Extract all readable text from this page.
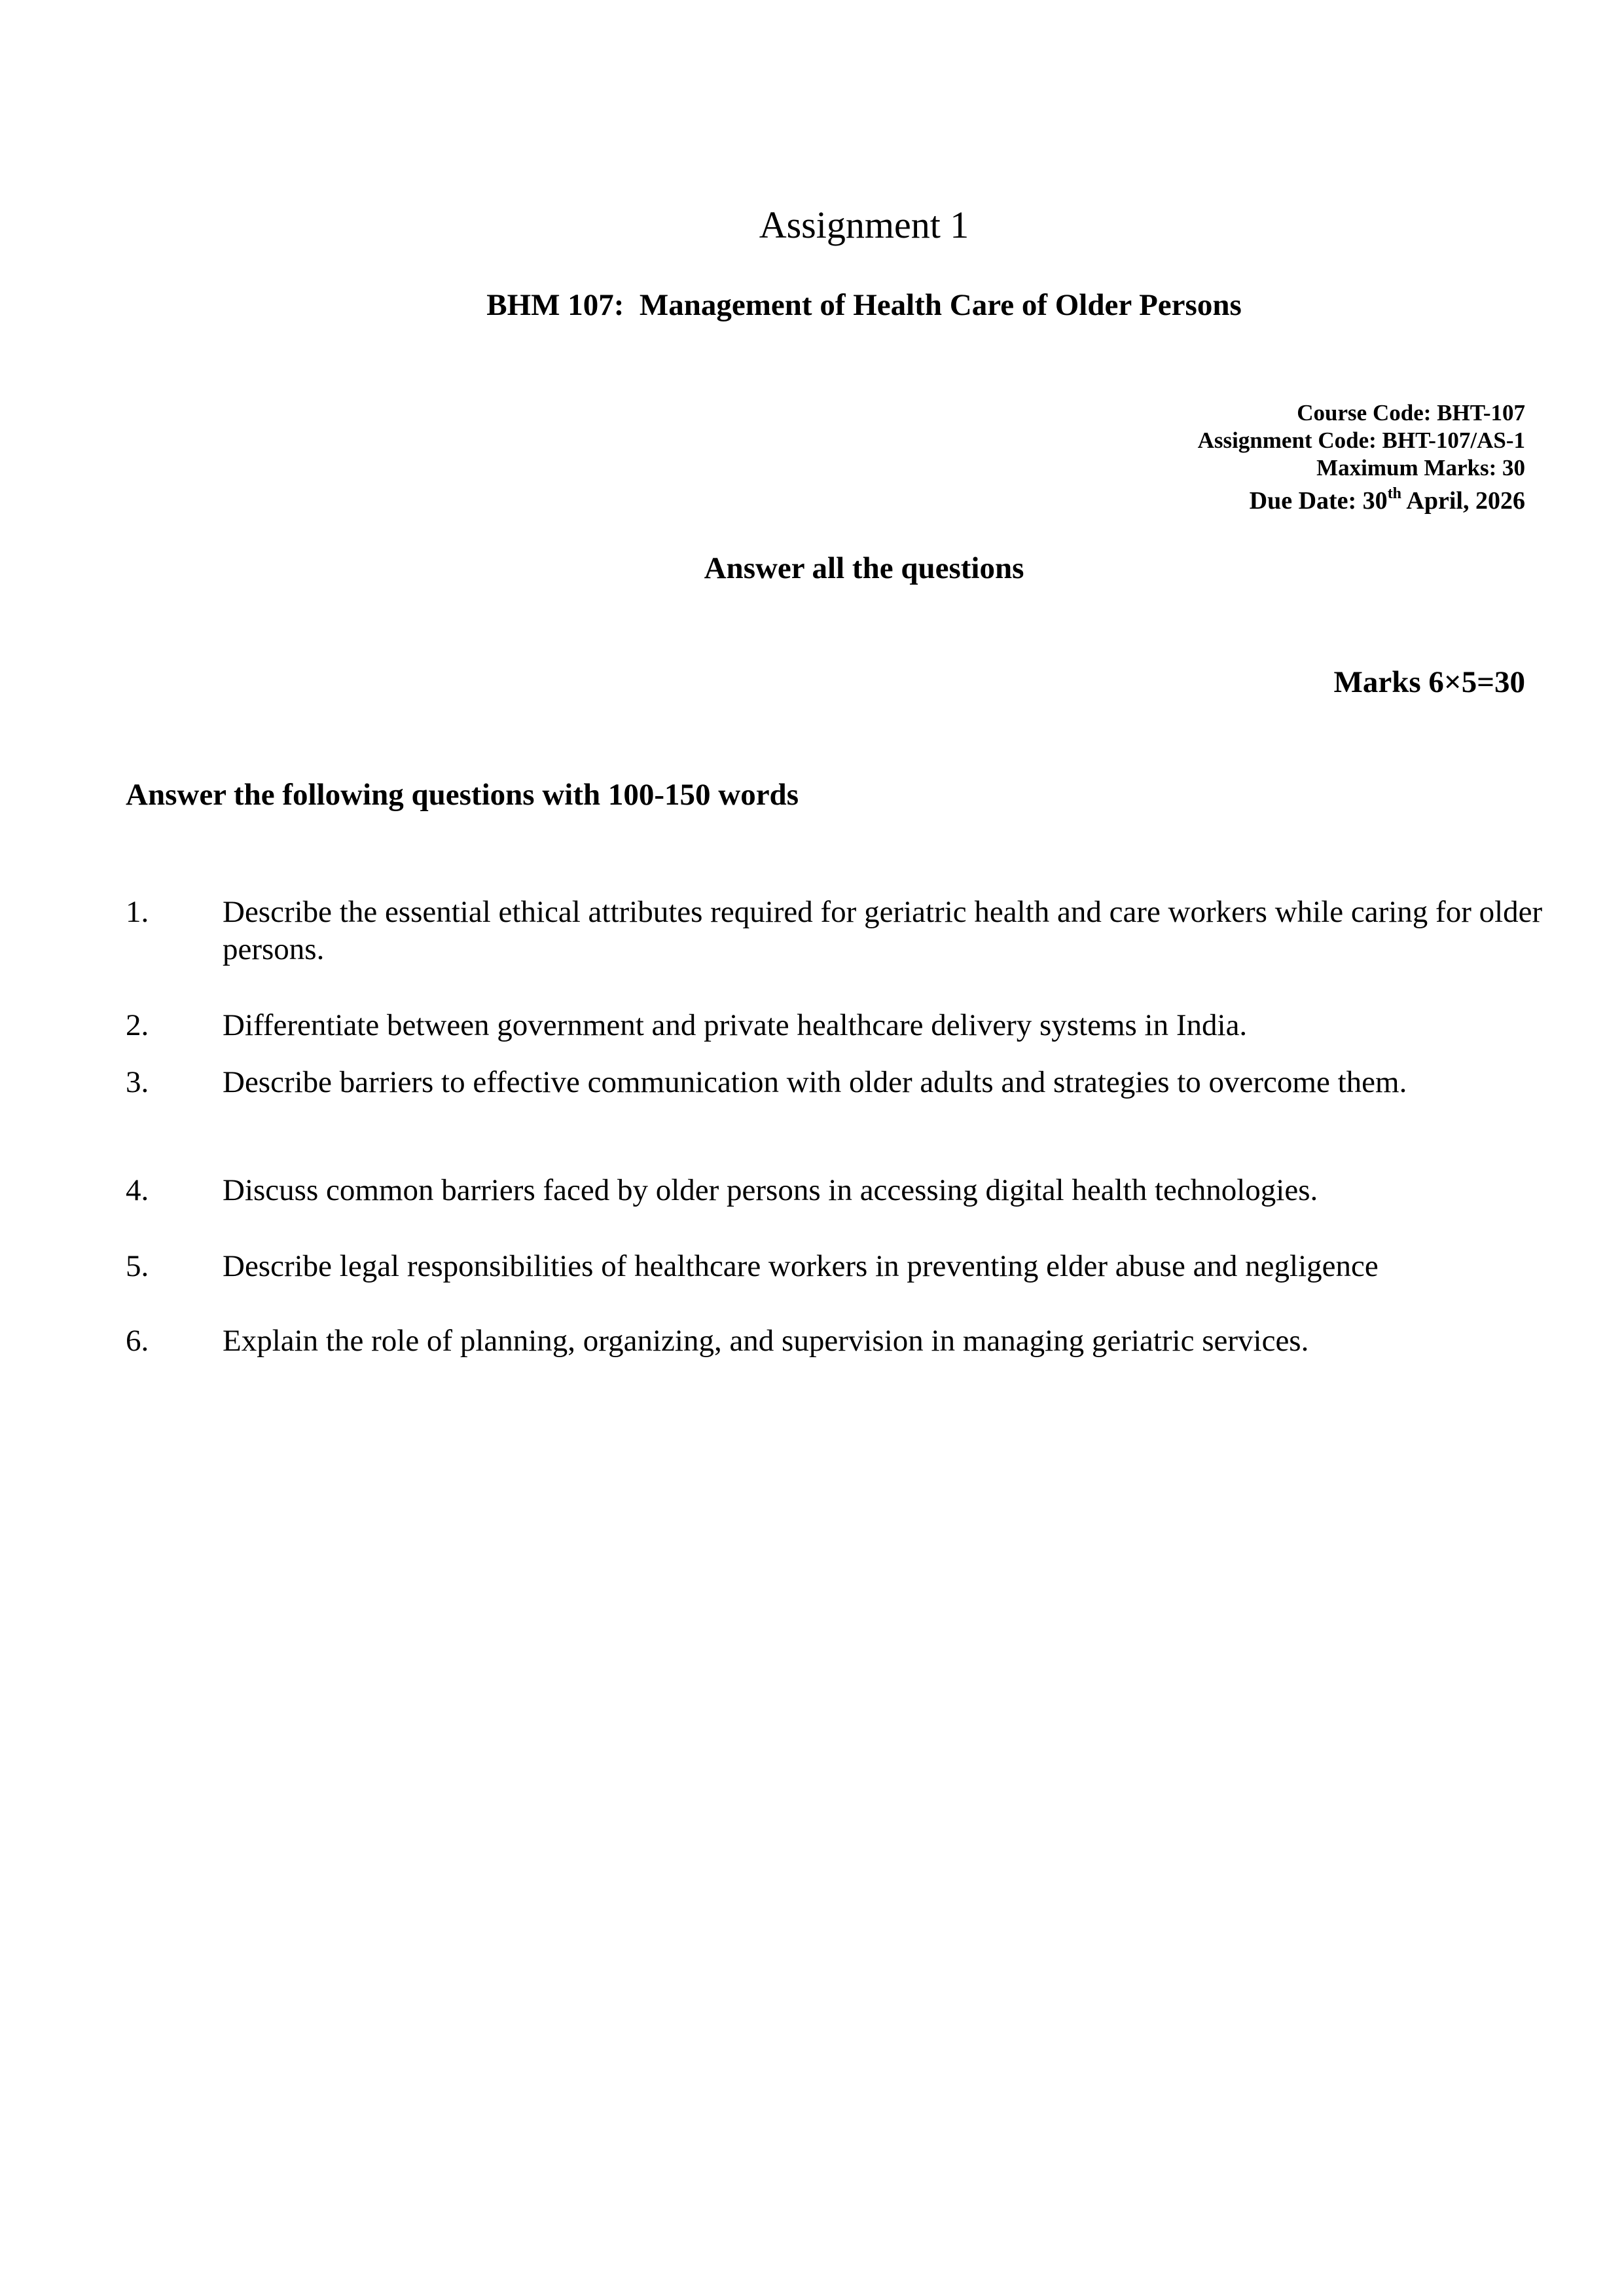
Assignment 1
BHM 107:  Management of Health Care of Older Persons
Course Code: BHT-107
Assignment Code: BHT-107/AS-1
Maximum Marks: 30
Due Date: 30th April, 2026
Answer all the questions
Marks 6×5=30
Answer the following questions with 100-150 words
1. Describe the essential ethical attributes required for geriatric health and care workers while caring for older persons.
2. Differentiate between government and private healthcare delivery systems in India.
3. Describe barriers to effective communication with older adults and strategies to overcome them.
4. Discuss common barriers faced by older persons in accessing digital health technologies.
5. Describe legal responsibilities of healthcare workers in preventing elder abuse and negligence
6. Explain the role of planning, organizing, and supervision in managing geriatric services.
